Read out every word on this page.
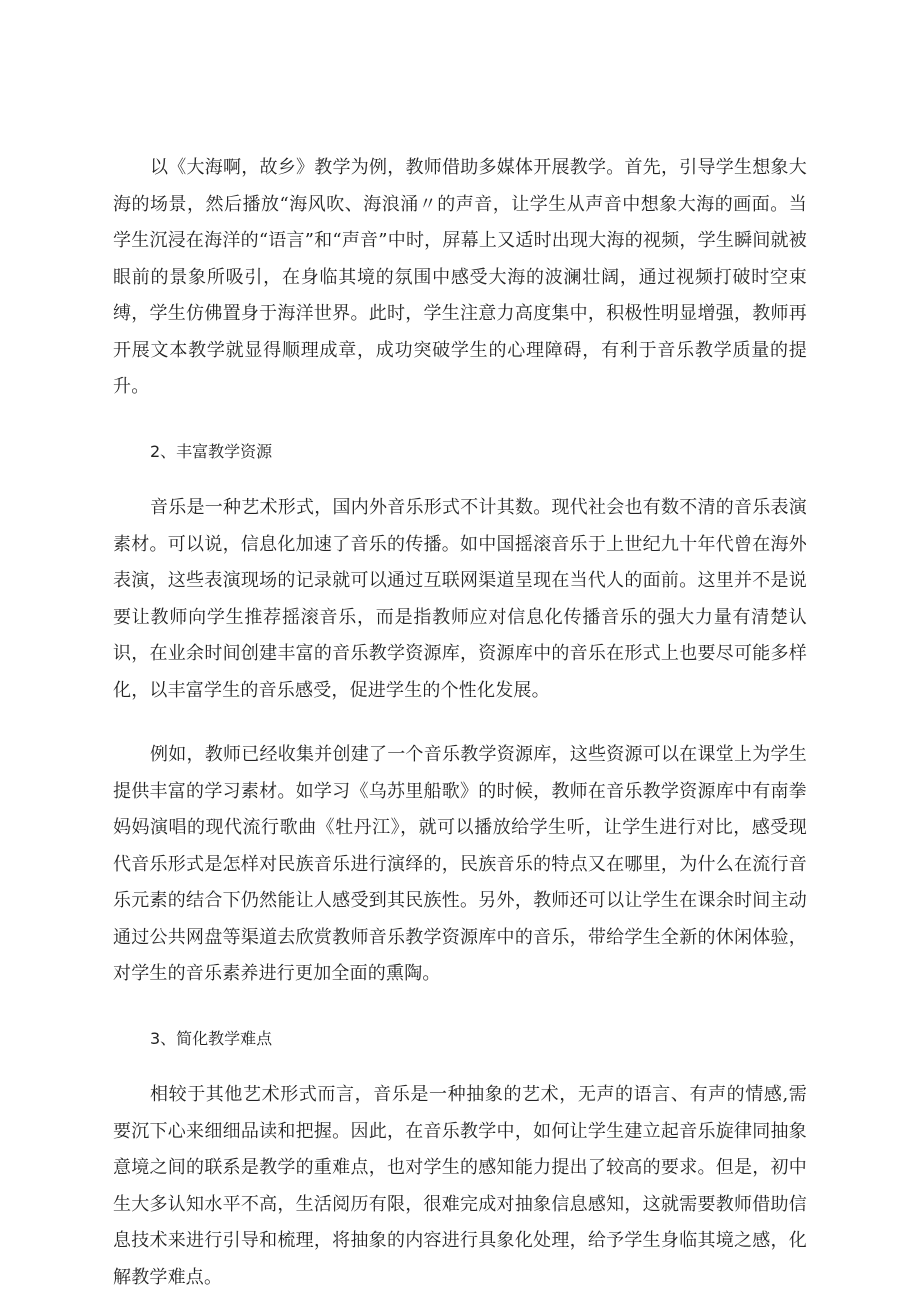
以《大海啊，故乡》教学为例，教师借助多媒体开展教学。首先，引导学生想象大海的场景，然后播放“海风吹、海浪涌〃的声音，让学生从声音中想象大海的画面。当学生沉浸在海洋的“语言”和“声音”中时，屏幕上又适时出现大海的视频，学生瞬间就被眼前的景象所吸引，在身临其境的氛围中感受大海的波澜壮阔，通过视频打破时空束缚，学生仿佛置身于海洋世界。此时，学生注意力高度集中，积极性明显增强，教师再开展文本教学就显得顺理成章，成功突破学生的心理障碍，有利于音乐教学质量的提升。

2、丰富教学资源

音乐是一种艺术形式，国内外音乐形式不计其数。现代社会也有数不清的音乐表演素材。可以说，信息化加速了音乐的传播。如中国摇滚音乐于上世纪九十年代曾在海外表演，这些表演现场的记录就可以通过互联网渠道呈现在当代人的面前。这里并不是说要让教师向学生推荐摇滚音乐，而是指教师应对信息化传播音乐的强大力量有清楚认识，在业余时间创建丰富的音乐教学资源库，资源库中的音乐在形式上也要尽可能多样化，以丰富学生的音乐感受，促进学生的个性化发展。

例如，教师已经收集并创建了一个音乐教学资源库，这些资源可以在课堂上为学生提供丰富的学习素材。如学习《乌苏里船歌》的时候，教师在音乐教学资源库中有南拳妈妈演唱的现代流行歌曲《牡丹江》，就可以播放给学生听，让学生进行对比，感受现代音乐形式是怎样对民族音乐进行演绎的，民族音乐的特点又在哪里，为什么在流行音乐元素的结合下仍然能让人感受到其民族性。另外，教师还可以让学生在课余时间主动通过公共网盘等渠道去欣赏教师音乐教学资源库中的音乐，带给学生全新的休闲体验，对学生的音乐素养进行更加全面的熏陶。

3、简化教学难点

相较于其他艺术形式而言，音乐是一种抽象的艺术，无声的语言、有声的情感,需要沉下心来细细品读和把握。因此，在音乐教学中，如何让学生建立起音乐旋律同抽象意境之间的联系是教学的重难点，也对学生的感知能力提出了较高的要求。但是，初中生大多认知水平不高，生活阅历有限，很难完成对抽象信息感知，这就需要教师借助信息技术来进行引导和梳理，将抽象的内容进行具象化处理，给予学生身临其境之感，化解教学难点。
